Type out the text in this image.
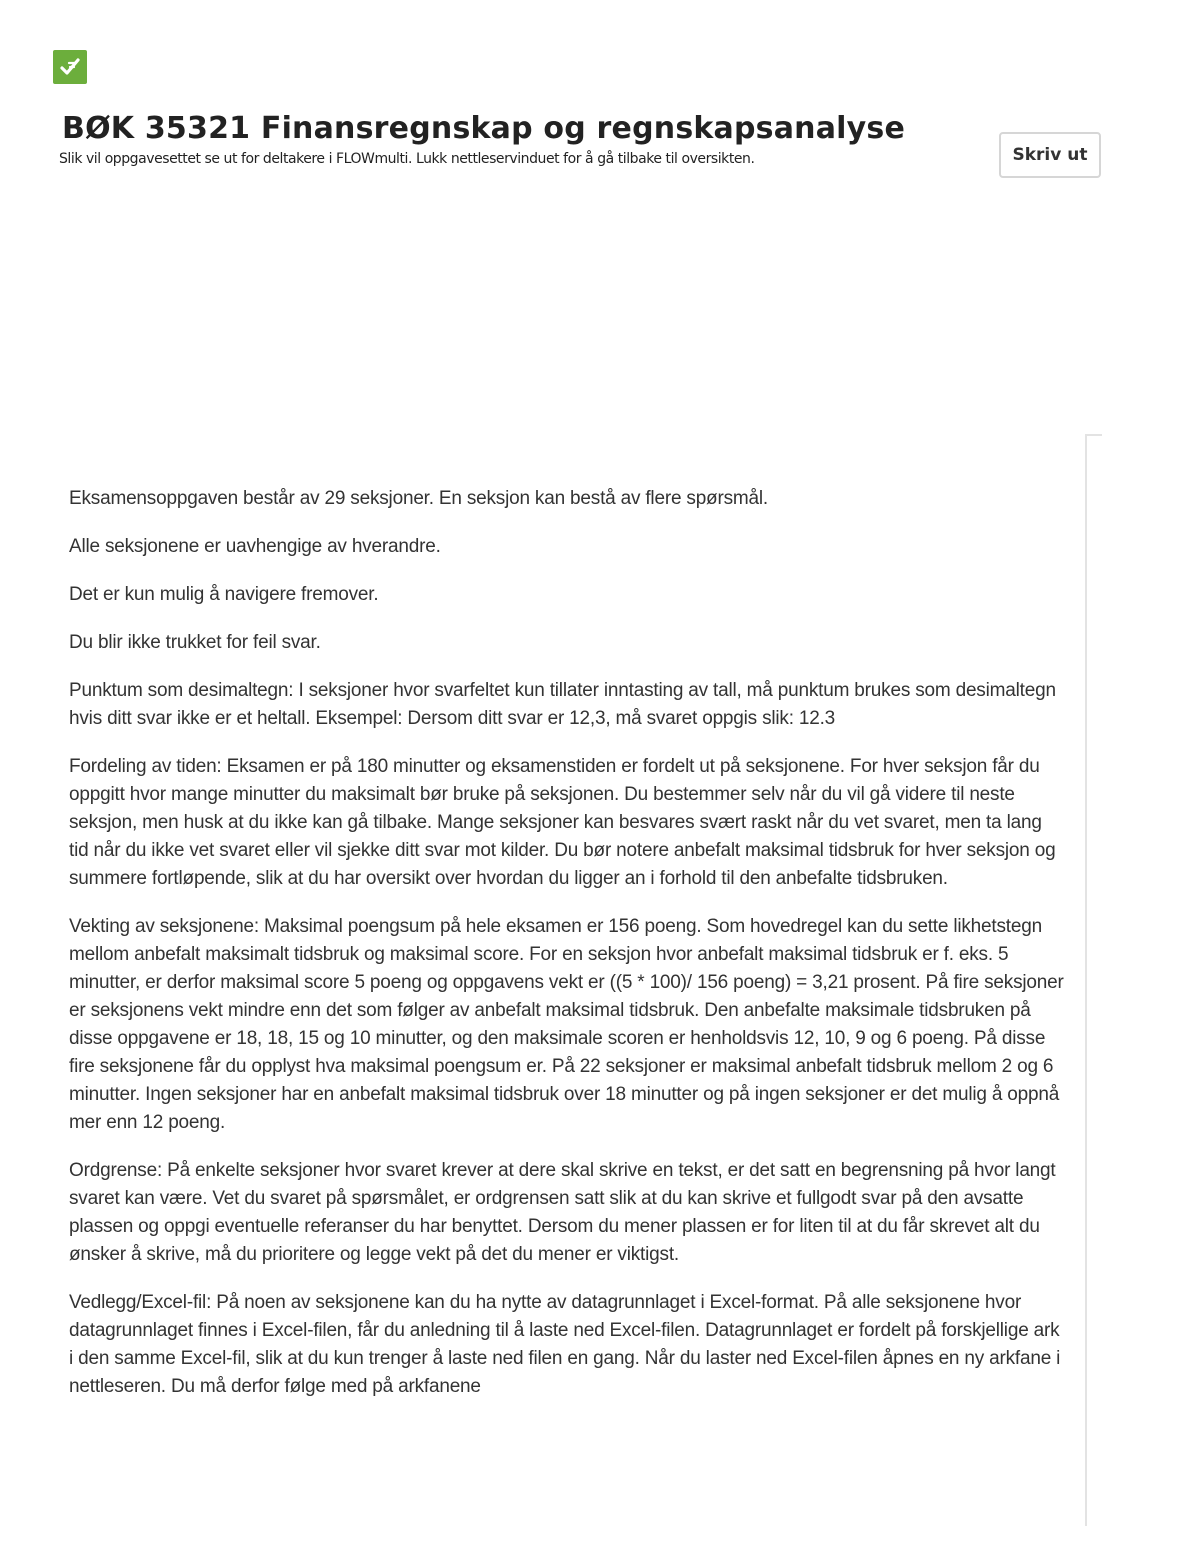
BØK 35321 Finansregnskap og regnskapsanalyse

Slik vil oppgavesettet se ut for deltakere i FLOWmulti. Lukk nettleservinduet for å gå tilbake til oversikten.	Skriv ut

Eksamensoppgaven består av 29 seksjoner. En seksjon kan bestå av flere spørsmål.

Alle seksjonene er uavhengige av hverandre.

Det er kun mulig å navigere fremover.

Du blir ikke trukket for feil svar.

Punktum som desimaltegn: I seksjoner hvor svarfeltet kun tillater inntasting av tall, må punktum brukes som desimaltegn hvis ditt svar ikke er et heltall. Eksempel: Dersom ditt svar er 12,3, må svaret oppgis slik: 12.3

Fordeling av tiden: Eksamen er på 180 minutter og eksamenstiden er fordelt ut på seksjonene. For hver seksjon får du oppgitt hvor mange minutter du maksimalt bør bruke på seksjonen. Du bestemmer selv når du vil gå videre til neste seksjon, men husk at du ikke kan gå tilbake. Mange seksjoner kan besvares svært raskt når du vet svaret, men ta lang tid når du ikke vet svaret eller vil sjekke ditt svar mot kilder. Du bør notere anbefalt maksimal tidsbruk for hver seksjon og summere fortløpende, slik at du har oversikt over hvordan du ligger an i forhold til den anbefalte tidsbruken.

Vekting av seksjonene: Maksimal poengsum på hele eksamen er 156 poeng. Som hovedregel kan du sette likhetstegn mellom anbefalt maksimalt tidsbruk og maksimal score. For en seksjon hvor anbefalt maksimal tidsbruk er f. eks. 5 minutter, er derfor maksimal score 5 poeng og oppgavens vekt er ((5 * 100)/ 156 poeng) = 3,21 prosent. På fire seksjoner er seksjonens vekt mindre enn det som følger av anbefalt maksimal tidsbruk. Den anbefalte maksimale tidsbruken på disse oppgavene er 18, 18, 15 og 10 minutter, og den maksimale scoren er henholdsvis 12, 10, 9 og 6 poeng. På disse fire seksjonene får du opplyst hva maksimal poengsum er. På 22 seksjoner er maksimal anbefalt tidsbruk mellom 2 og 6 minutter. Ingen seksjoner har en anbefalt maksimal tidsbruk over 18 minutter og på ingen seksjoner er det mulig å oppnå mer enn 12 poeng.

Ordgrense: På enkelte seksjoner hvor svaret krever at dere skal skrive en tekst, er det satt en begrensning på hvor langt svaret kan være. Vet du svaret på spørsmålet, er ordgrensen satt slik at du kan skrive et fullgodt svar på den avsatte plassen og oppgi eventuelle referanser du har benyttet. Dersom du mener plassen er for liten til at du får skrevet alt du ønsker å skrive, må du prioritere og legge vekt på det du mener er viktigst.

Vedlegg/Excel-fil: På noen av seksjonene kan du ha nytte av datagrunnlaget i Excel-format. På alle seksjonene hvor datagrunnlaget finnes i Excel-filen, får du anledning til å laste ned Excel-filen. Datagrunnlaget er fordelt på forskjellige ark i den samme Excel-fil, slik at du kun trenger å laste ned filen en gang. Når du laster ned Excel-filen åpnes en ny arkfane i nettleseren. Du må derfor følge med på arkfanene
